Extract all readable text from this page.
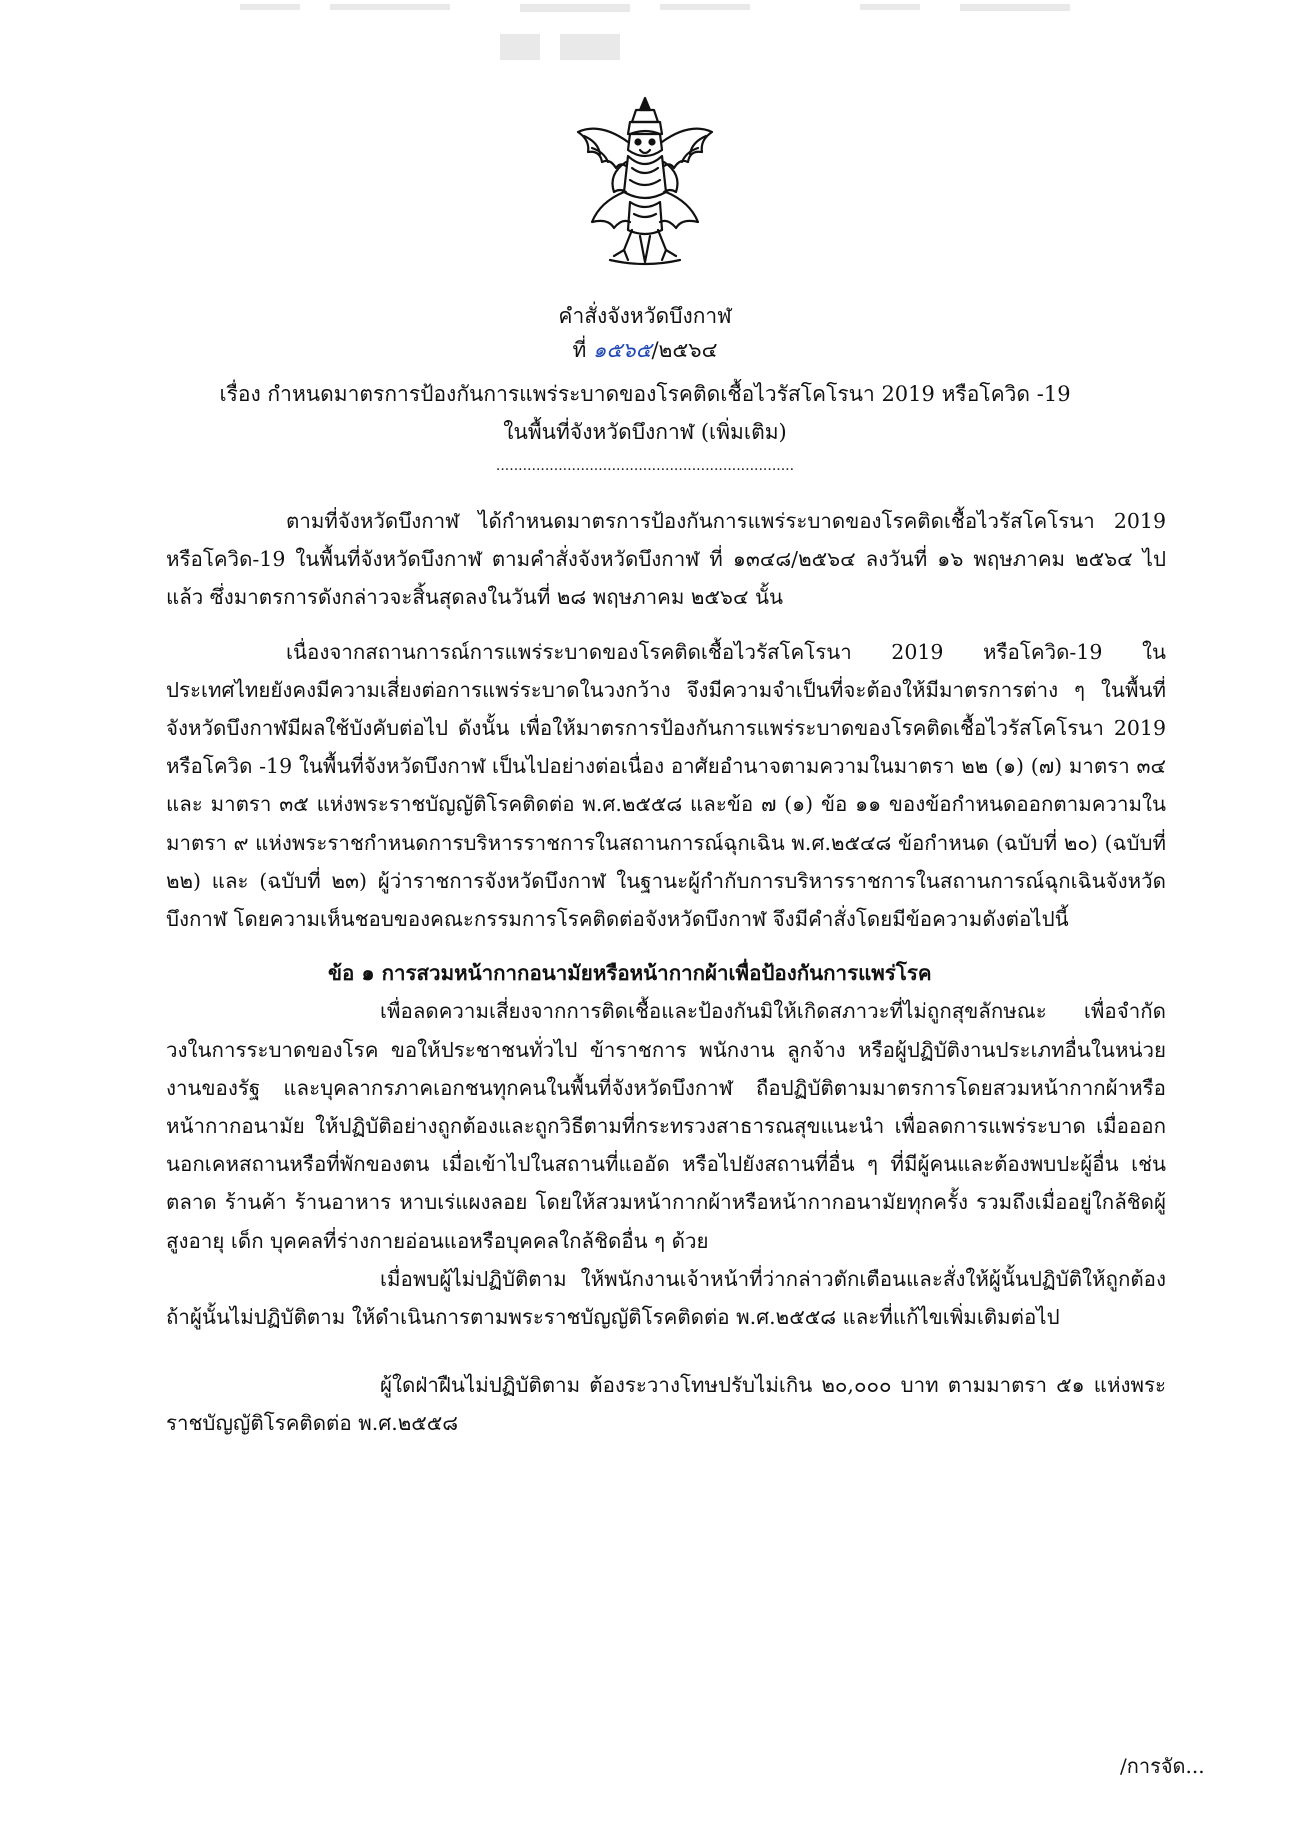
คำสั่งจังหวัดบึงกาฬ
ที่ ๑๕๖๕/๒๕๖๔
เรื่อง กำหนดมาตรการป้องกันการแพร่ระบาดของโรคติดเชื้อไวรัสโคโรนา 2019 หรือโควิด -19
ในพื้นที่จังหวัดบึงกาฬ (เพิ่มเติม)
...................................................................

ตามที่จังหวัดบึงกาฬ ได้กำหนดมาตรการป้องกันการแพร่ระบาดของโรคติดเชื้อไวรัสโคโรนา 2019 หรือโควิด-19 ในพื้นที่จังหวัดบึงกาฬ ตามคำสั่งจังหวัดบึงกาฬ ที่ ๑๓๔๘/๒๕๖๔ ลงวันที่ ๑๖ พฤษภาคม ๒๕๖๔ ไปแล้ว ซึ่งมาตรการดังกล่าวจะสิ้นสุดลงในวันที่ ๒๘ พฤษภาคม ๒๕๖๔ นั้น

เนื่องจากสถานการณ์การแพร่ระบาดของโรคติดเชื้อไวรัสโคโรนา 2019 หรือโควิด-19 ในประเทศไทยยังคงมีความเสี่ยงต่อการแพร่ระบาดในวงกว้าง จึงมีความจำเป็นที่จะต้องให้มีมาตรการต่าง ๆ ในพื้นที่จังหวัดบึงกาฬมีผลใช้บังคับต่อไป ดังนั้น เพื่อให้มาตรการป้องกันการแพร่ระบาดของโรคติดเชื้อไวรัสโคโรนา 2019 หรือโควิด -19 ในพื้นที่จังหวัดบึงกาฬ เป็นไปอย่างต่อเนื่อง อาศัยอำนาจตามความในมาตรา ๒๒ (๑) (๗) มาตรา ๓๔ และ มาตรา ๓๕ แห่งพระราชบัญญัติโรคติดต่อ พ.ศ.๒๕๕๘ และข้อ ๗ (๑) ข้อ ๑๑ ของข้อกำหนดออกตามความในมาตรา ๙ แห่งพระราชกำหนดการบริหารราชการในสถานการณ์ฉุกเฉิน พ.ศ.๒๕๔๘ ข้อกำหนด (ฉบับที่ ๒๐) (ฉบับที่ ๒๒) และ (ฉบับที่ ๒๓) ผู้ว่าราชการจังหวัดบึงกาฬ ในฐานะผู้กำกับการบริหารราชการในสถานการณ์ฉุกเฉินจังหวัดบึงกาฬ โดยความเห็นชอบของคณะกรรมการโรคติดต่อจังหวัดบึงกาฬ จึงมีคำสั่งโดยมีข้อความดังต่อไปนี้

ข้อ ๑ การสวมหน้ากากอนามัยหรือหน้ากากผ้าเพื่อป้องกันการแพร่โรค

เพื่อลดความเสี่ยงจากการติดเชื้อและป้องกันมิให้เกิดสภาวะที่ไม่ถูกสุขลักษณะ เพื่อจำกัดวงในการระบาดของโรค ขอให้ประชาชนทั่วไป ข้าราชการ พนักงาน ลูกจ้าง หรือผู้ปฏิบัติงานประเภทอื่นในหน่วยงานของรัฐ และบุคลากรภาคเอกชนทุกคนในพื้นที่จังหวัดบึงกาฬ ถือปฏิบัติตามมาตรการโดยสวมหน้ากากผ้าหรือหน้ากากอนามัย ให้ปฏิบัติอย่างถูกต้องและถูกวิธีตามที่กระทรวงสาธารณสุขแนะนำ เพื่อลดการแพร่ระบาด เมื่อออกนอกเคหสถานหรือที่พักของตน เมื่อเข้าไปในสถานที่แออัด หรือไปยังสถานที่อื่น ๆ ที่มีผู้คนและต้องพบปะผู้อื่น เช่น ตลาด ร้านค้า ร้านอาหาร หาบเร่แผงลอย โดยให้สวมหน้ากากผ้าหรือหน้ากากอนามัยทุกครั้ง รวมถึงเมื่ออยู่ใกล้ชิดผู้สูงอายุ เด็ก บุคคลที่ร่างกายอ่อนแอหรือบุคคลใกล้ชิดอื่น ๆ ด้วย

เมื่อพบผู้ไม่ปฏิบัติตาม ให้พนักงานเจ้าหน้าที่ว่ากล่าวตักเตือนและสั่งให้ผู้นั้นปฏิบัติให้ถูกต้อง ถ้าผู้นั้นไม่ปฏิบัติตาม ให้ดำเนินการตามพระราชบัญญัติโรคติดต่อ พ.ศ.๒๕๕๘ และที่แก้ไขเพิ่มเติมต่อไป

ผู้ใดฝ่าฝืนไม่ปฏิบัติตาม ต้องระวางโทษปรับไม่เกิน ๒๐,๐๐๐ บาท ตามมาตรา ๕๑ แห่งพระราชบัญญัติโรคติดต่อ พ.ศ.๒๕๕๘

/การจัด...
